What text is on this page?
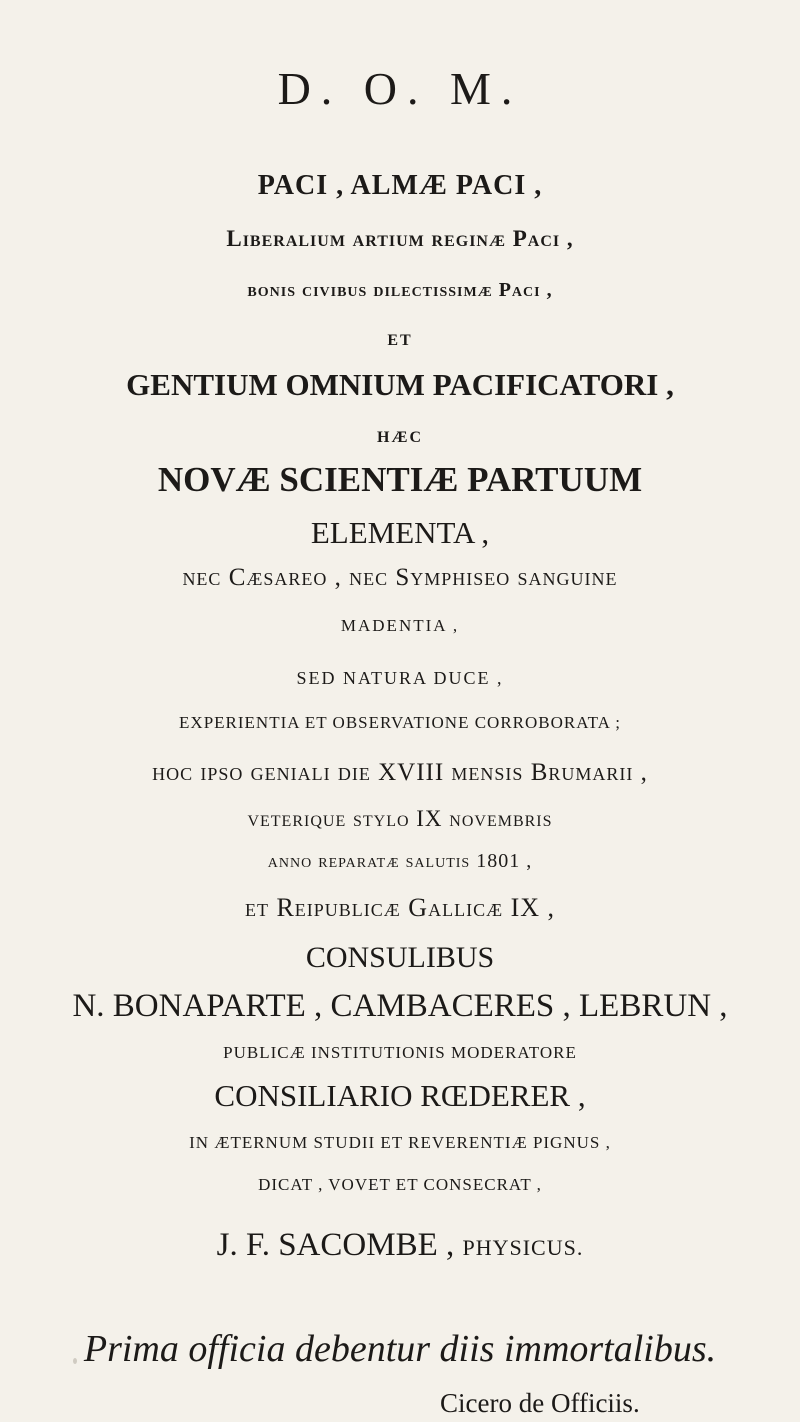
D. O. M.
PACI , ALMÆ PACI ,
Liberalium artium reginæ Paci ,
bonis civibus dilectissimæ Paci ,
ET
GENTIUM OMNIUM PACIFICATORI ,
HÆC
NOVÆ SCIENTIÆ PARTUUM
ELEMENTA ,
nec Cæsareo , nec Symphiseo sanguine
MADENTIA ,
SED NATURA DUCE ,
EXPERIENTIA ET OBSERVATIONE CORROBORATA ;
hoc ipso geniali die XVIII mensis Brumarii ,
veterique stylo IX novembris
anno reparatæ salutis 1801 ,
et Reipublicæ Gallicæ IX ,
CONSULIBUS
N. BONAPARTE , CAMBACERES , LEBRUN ,
PUBLICÆ INSTITUTIONIS MODERATORE
CONSILIARIO RŒDERER ,
IN ÆTERNUM STUDII ET REVERENTIÆ PIGNUS ,
DICAT , VOVET ET CONSECRAT ,
J. F. SACOMBE , PHYSICUS.
Prima officia debentur diis immortalibus.
Cicero de Officiis.
